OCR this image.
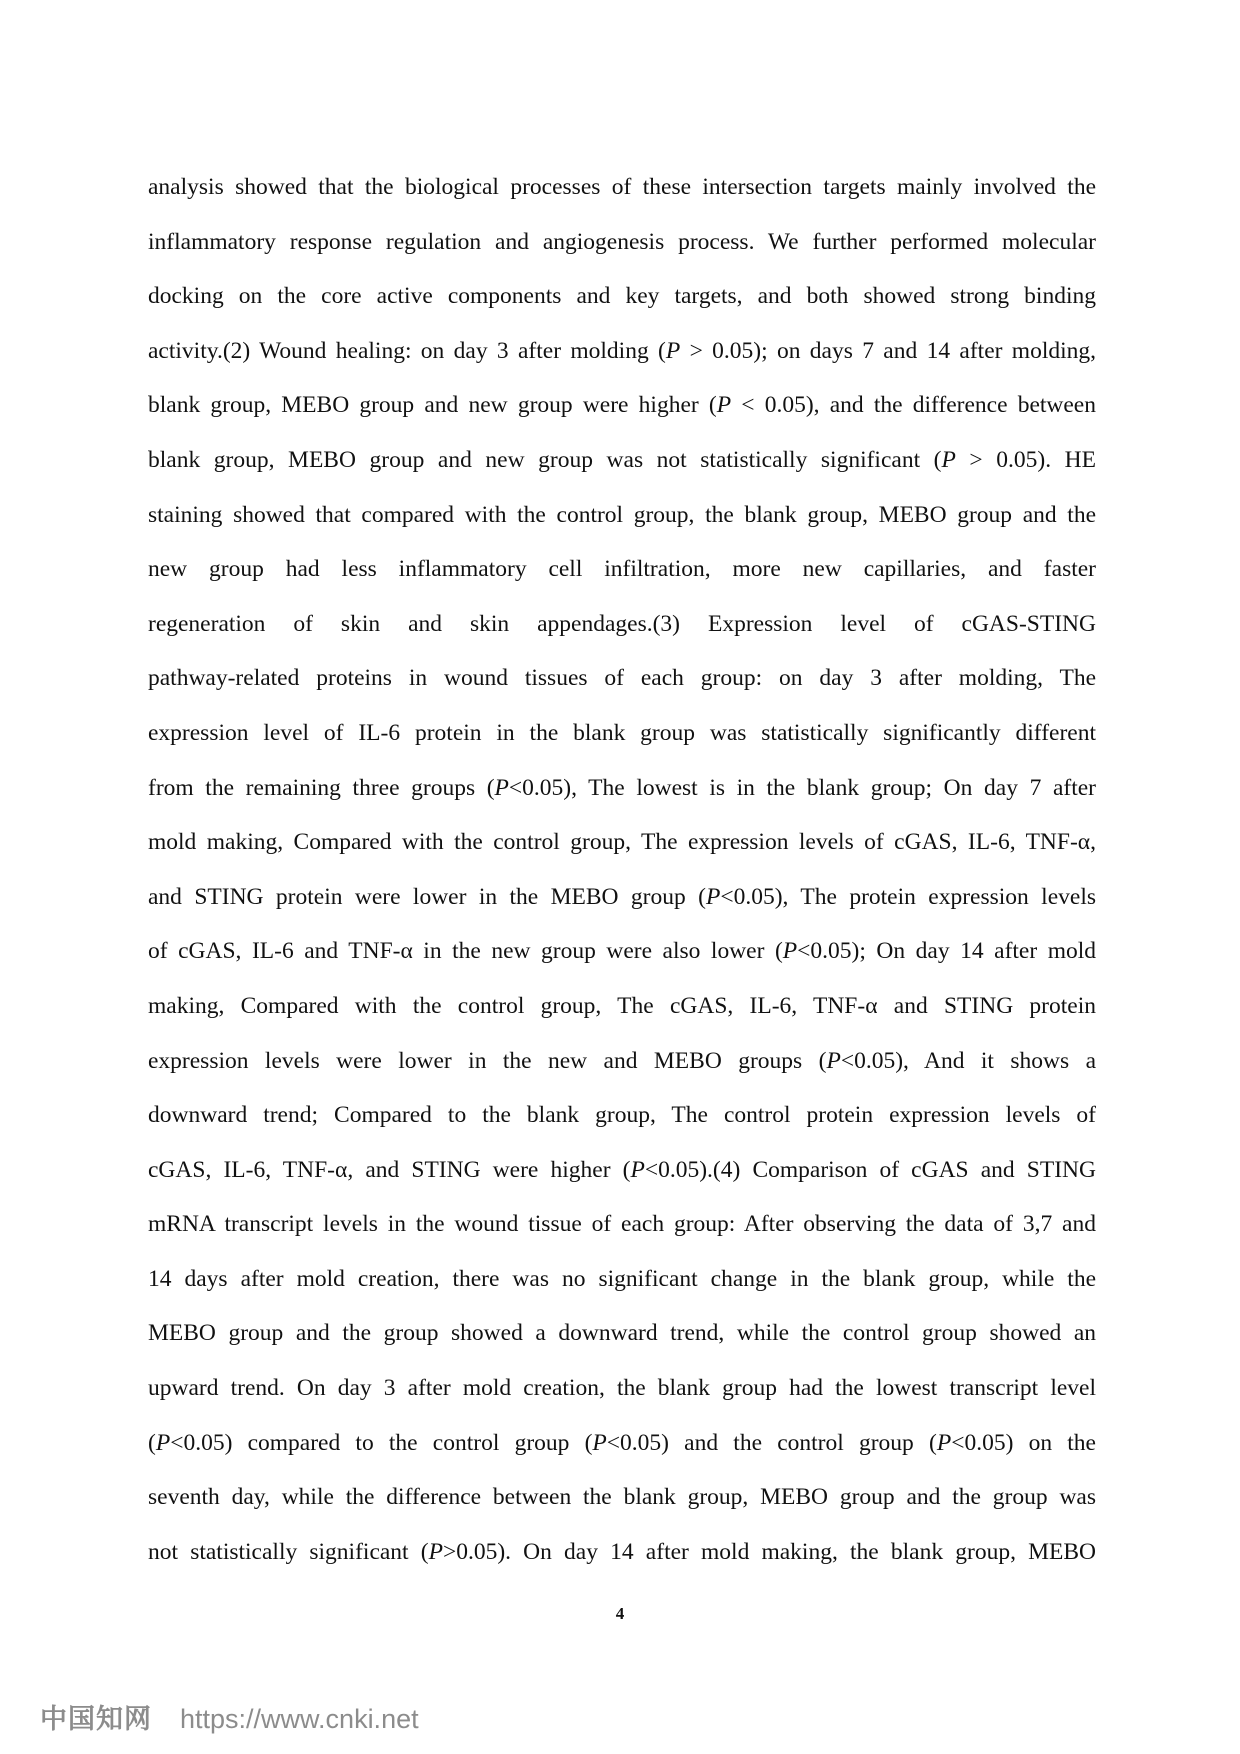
analysis showed that the biological processes of these intersection targets mainly involved the
inflammatory response regulation and angiogenesis process. We further performed molecular
docking on the core active components and key targets, and both showed strong binding
activity.(2) Wound healing: on day 3 after molding (P > 0.05); on days 7 and 14 after molding,
blank group, MEBO group and new group were higher (P < 0.05), and the difference between
blank group, MEBO group and new group was not statistically significant (P > 0.05). HE
staining showed that compared with the control group, the blank group, MEBO group and the
new group had less inflammatory cell infiltration, more new capillaries, and faster
regeneration of skin and skin appendages.(3) Expression level of cGAS-STING
pathway-related proteins in wound tissues of each group: on day 3 after molding, The
expression level of IL-6 protein in the blank group was statistically significantly different
from the remaining three groups (P<0.05), The lowest is in the blank group; On day 7 after
mold making, Compared with the control group, The expression levels of cGAS, IL-6, TNF-α,
and STING protein were lower in the MEBO group (P<0.05), The protein expression levels
of cGAS, IL-6 and TNF-α in the new group were also lower (P<0.05); On day 14 after mold
making, Compared with the control group, The cGAS, IL-6, TNF-α and STING protein
expression levels were lower in the new and MEBO groups (P<0.05), And it shows a
downward trend; Compared to the blank group, The control protein expression levels of
cGAS, IL-6, TNF-α, and STING were higher (P<0.05).(4) Comparison of cGAS and STING
mRNA transcript levels in the wound tissue of each group: After observing the data of 3,7 and
14 days after mold creation, there was no significant change in the blank group, while the
MEBO group and the group showed a downward trend, while the control group showed an
upward trend. On day 3 after mold creation, the blank group had the lowest transcript level
(P<0.05) compared to the control group (P<0.05) and the control group (P<0.05) on the
seventh day, while the difference between the blank group, MEBO group and the group was
not statistically significant (P>0.05). On day 14 after mold making, the blank group, MEBO
4
中国知网 https://www.cnki.net
